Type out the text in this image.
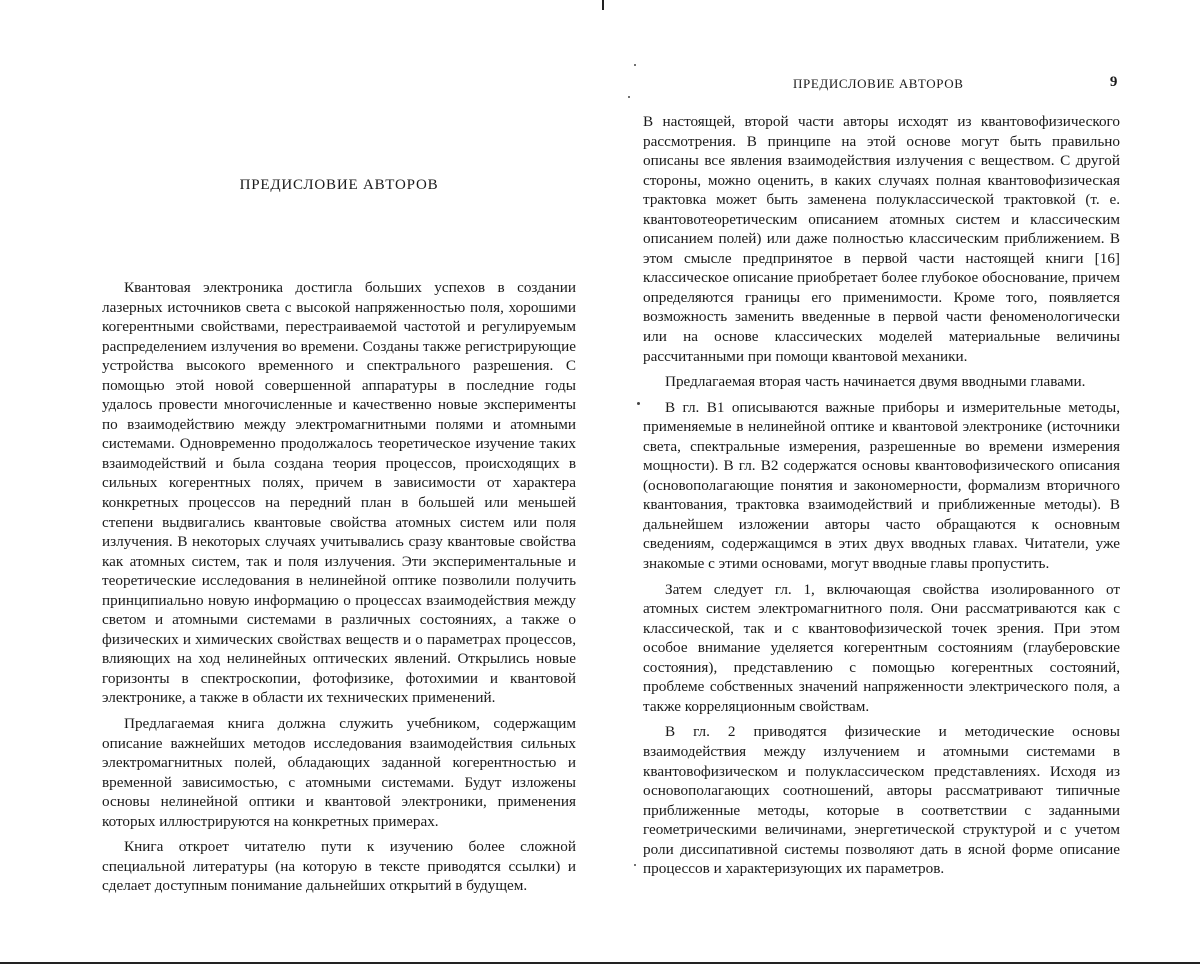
ПРЕДИСЛОВИЕ АВТОРОВ

Квантовая электроника достигла больших успехов в создании лазерных источников света с высокой напряженностью поля, хорошими когерентными свойствами, перестраиваемой частотой и регулируемым распределением излучения во времени. Созданы также регистрирующие устройства высокого временного и спектрального разрешения. С помощью этой новой совершенной аппаратуры в последние годы удалось провести многочисленные и качественно новые эксперименты по взаимодействию между электромагнитными полями и атомными системами. Одновременно продолжалось теоретическое изучение таких взаимодействий и была создана теория процессов, происходящих в сильных когерентных полях, причем в зависимости от характера конкретных процессов на передний план в большей или меньшей степени выдвигались квантовые свойства атомных систем или поля излучения. В некоторых случаях учитывались сразу квантовые свойства как атомных систем, так и поля излучения. Эти экспериментальные и теоретические исследования в нелинейной оптике позволили получить принципиально новую информацию о процессах взаимодействия между светом и атомными системами в различных состояниях, а также о физических и химических свойствах веществ и о параметрах процессов, влияющих на ход нелинейных оптических явлений. Открылись новые горизонты в спектроскопии, фотофизике, фотохимии и квантовой электронике, а также в области их технических применений.

Предлагаемая книга должна служить учебником, содержащим описание важнейших методов исследования взаимодействия сильных электромагнитных полей, обладающих заданной когерентностью и временной зависимостью, с атомными системами. Будут изложены основы нелинейной оптики и квантовой электроники, применения которых иллюстрируются на конкретных примерах.

Книга откроет читателю пути к изучению более сложной специальной литературы (на которую в тексте приводятся ссылки) и сделает доступным понимание дальнейших открытий в будущем.

ПРЕДИСЛОВИЕ АВТОРОВ	9

В настоящей, второй части авторы исходят из квантовофизического рассмотрения. В принципе на этой основе могут быть правильно описаны все явления взаимодействия излучения с веществом. С другой стороны, можно оценить, в каких случаях полная квантовофизическая трактовка может быть заменена полуклассической трактовкой (т. е. квантовотеоретическим описанием атомных систем и классическим описанием полей) или даже полностью классическим приближением. В этом смысле предпринятое в первой части настоящей книги [16] классическое описание приобретает более глубокое обоснование, причем определяются границы его применимости. Кроме того, появляется возможность заменить введенные в первой части феноменологически или на основе классических моделей материальные величины рассчитанными при помощи квантовой механики.

Предлагаемая вторая часть начинается двумя вводными главами.

В гл. В1 описываются важные приборы и измерительные методы, применяемые в нелинейной оптике и квантовой электронике (источники света, спектральные измерения, разрешенные во времени измерения мощности). В гл. В2 содержатся основы квантовофизического описания (основополагающие понятия и закономерности, формализм вторичного квантования, трактовка взаимодействий и приближенные методы). В дальнейшем изложении авторы часто обращаются к основным сведениям, содержащимся в этих двух вводных главах. Читатели, уже знакомые с этими основами, могут вводные главы пропустить.

Затем следует гл. 1, включающая свойства изолированного от атомных систем электромагнитного поля. Они рассматриваются как с классической, так и с квантовофизической точек зрения. При этом особое внимание уделяется когерентным состояниям (глауберовские состояния), представлению с помощью когерентных состояний, проблеме собственных значений напряженности электрического поля, а также корреляционным свойствам.

В гл. 2 приводятся физические и методические основы взаимодействия между излучением и атомными системами в квантовофизическом и полуклассическом представлениях. Исходя из основополагающих соотношений, авторы рассматривают типичные приближенные методы, которые в соответствии с заданными геометрическими величинами, энергетической структурой и с учетом роли диссипативной системы позволяют дать в ясной форме описание процессов и характеризующих их параметров.
